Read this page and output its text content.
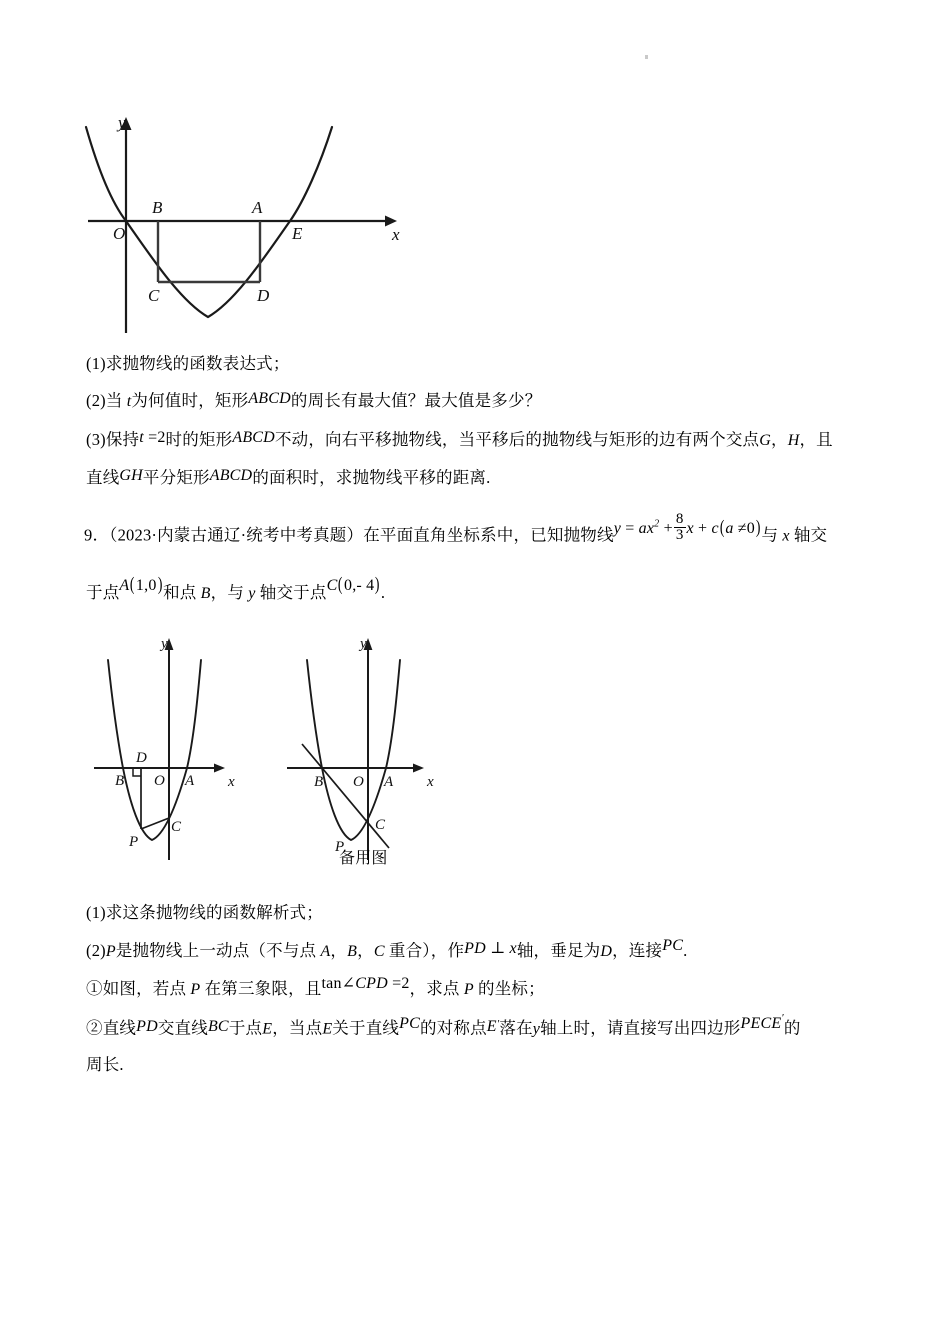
O
B	A
E
C	D
y
x
(1)求抛物线的函数表达式；
(2)当 t为何值时，矩形ABCD的周长有最大值？最大值是多少？
(3)保持t =2时的矩形ABCD不动，向右平移抛物线，当平移后的抛物线与矩形的边有两个交点G，H，且
直线GH平分矩形ABCD的面积时，求抛物线平移的距离.
9．（2023·内蒙古通辽·统考中考真题）在平面直角坐标系中，已知抛物线$y = ax^2 + \frac{8}{3}$ x + c(a ≠0)与 x 轴交
于点A(1,0)和点 B，与 y 轴交于点C(0,- 4).
D
B O A
P
C
y
x	B O A
P
C
y
x
备用图
(1)求这条抛物线的函数解析式；
(2)P是抛物线上一动点（不与点 A，B，C 重合），作PD ⊥ x轴，垂足为D，连接PC.
①如图，若点 P 在第三象限，且tan∠CPD =2，求点 P 的坐标；
②直线PD交直线BC于点E，当点E关于直线PC的对称点E′落在y轴上时，请直接写出四边形PECE′的
周长.
